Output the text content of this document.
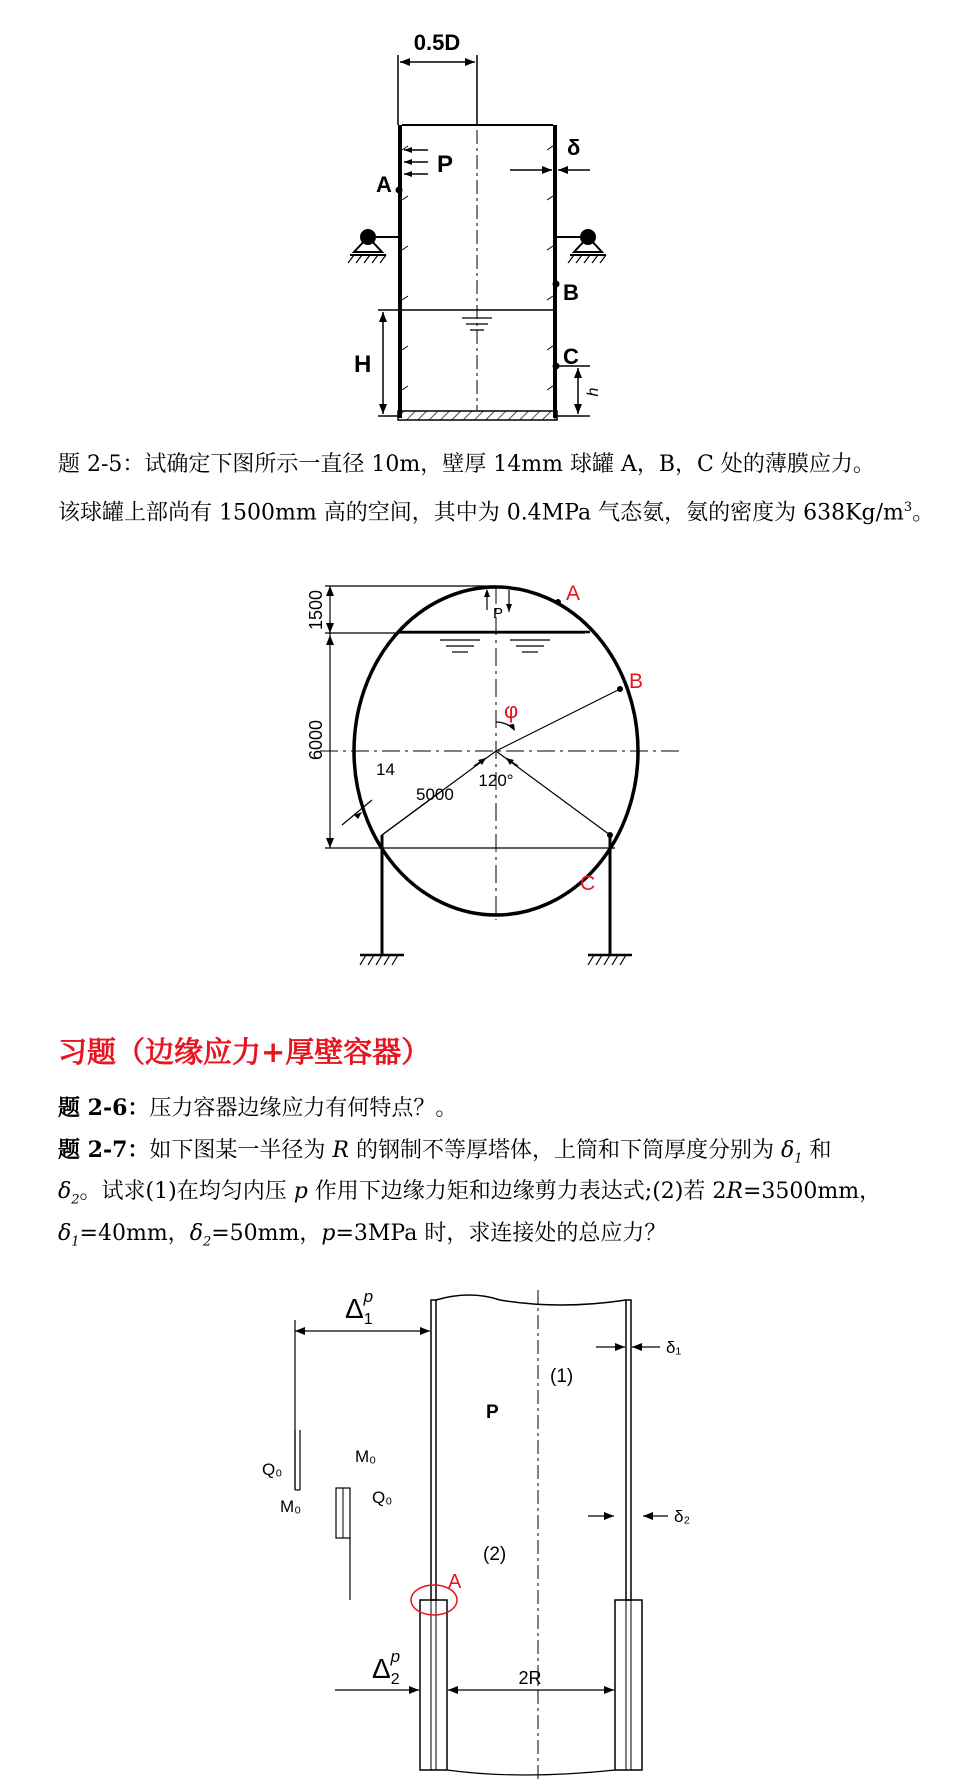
0.5D
P
δ
A
B
C
H
h
题 2-5：试确定下图所示一直径 10m，壁厚 14mm 球罐 A，B，C 处的薄膜应力。
该球罐上部尚有 1500mm 高的空间，其中为 0.4MPa 气态氨，氨的密度为 $638Kg/m^3$。
1500
6000
P
φ
120°
14
5000
A
B
C
习题（边缘应力+厚壁容器）
题 2-6：压力容器边缘应力有何特点？。
题 2-7：如下图某一半径为 R 的钢制不等厚塔体，上筒和下筒厚度分别为 $\delta_1$ 和
$\delta_2$。试求(1)在均匀内压 p 作用下边缘力矩和边缘剪力表达式;(2)若 2R=3500mm，
$\delta_1=40mm$，$\delta_2=50mm$，p=3MPa 时，求连接处的总应力？
A
$\Delta_1p$
δ₁
δ₂
(1)
P
(2)
Q₀
M₀
M₀
Q₀
$\Delta_2p$
2R
